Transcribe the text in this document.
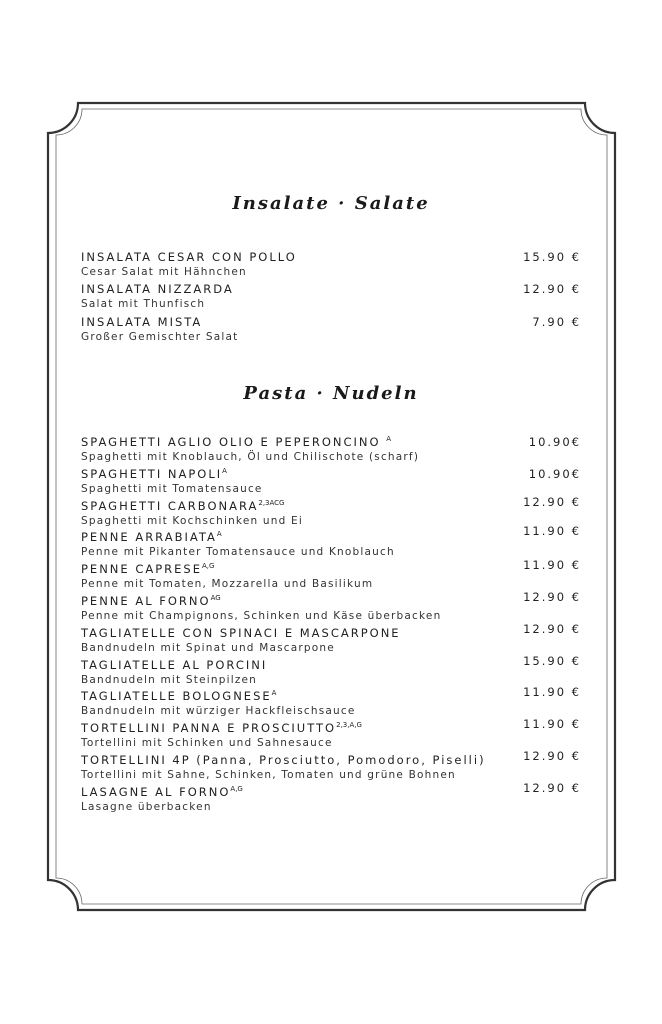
Insalate · Salate
INSALATA CESAR CON POLLO
Cesar Salat mit Hähnchen
15.90 €
INSALATA NIZZARDA
Salat mit Thunfisch
12.90 €
INSALATA MISTA
Großer Gemischter Salat
7.90 €
Pasta · Nudeln
SPAGHETTI AGLIO OLIO E PEPERONCINO $^A$
Spaghetti mit Knoblauch, Öl und Chilischote (scharf)
10.90€
SPAGHETTI $NAPOLI^A$
Spaghetti mit Tomatensauce
10.90€
SPAGHETTI $CARBONARA^{2,3ACG}$
Spaghetti mit Kochschinken und Ei
12.90 €
PENNE $ARRABIATA^A$
Penne mit Pikanter Tomatensauce und Knoblauch
11.90 €
PENNE $CAPRESE^{A,G}$
Penne mit Tomaten, Mozzarella und Basilikum
11.90 €
PENNE AL $FORNO^{AG}$
Penne mit Champignons, Schinken und Käse überbacken
12.90 €
TAGLIATELLE CON SPINACI E MASCARPONE
Bandnudeln mit Spinat und Mascarpone
12.90 €
TAGLIATELLE AL PORCINI
Bandnudeln mit Steinpilzen
15.90 €
TAGLIATELLE $BOLOGNESE^A$
Bandnudeln mit würziger Hackfleischsauce
11.90 €
TORTELLINI PANNA E $PROSCIUTTO^{2,3,A,G}$
Tortellini mit Schinken und Sahnesauce
11.90 €
TORTELLINI 4P (Panna, Prosciutto, Pomodoro, Piselli)
Tortellini mit Sahne, Schinken, Tomaten und grüne Bohnen
12.90 €
LASAGNE AL $FORNO^{A,G}$
Lasagne überbacken
12.90 €
